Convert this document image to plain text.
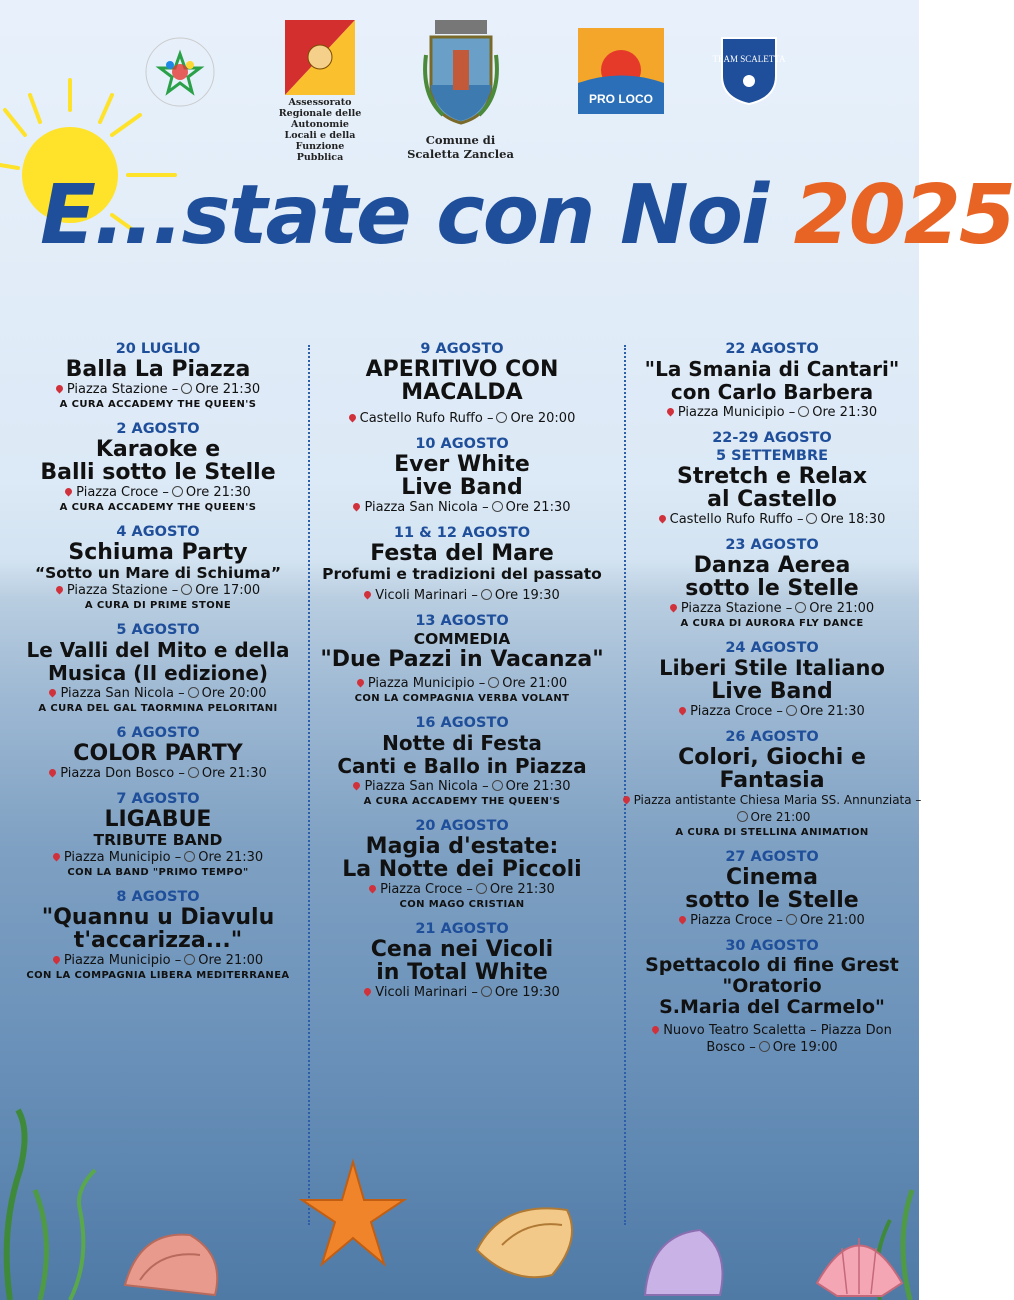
Assessorato Regionale delle Autonomie Locali e della Funzione Pubblica
Comune di
Scaletta Zanclea
PRO LOCO
TEAM SCALETTA
E...state con Noi 2025
20 LUGLIO
Balla La Piazza
Piazza Stazione – Ore 21:30
A CURA ACCADEMY THE QUEEN'S
2 AGOSTO
Karaoke e
Balli sotto le Stelle
Piazza Croce – Ore 21:30
A CURA ACCADEMY THE QUEEN'S
4 AGOSTO
Schiuma Party
“Sotto un Mare di Schiuma”
Piazza Stazione – Ore 17:00
A CURA DI PRIME STONE
5 AGOSTO
Le Valli del Mito e della
Musica (II edizione)
Piazza San Nicola – Ore 20:00
A CURA DEL GAL TAORMINA PELORITANI
6 AGOSTO
COLOR PARTY
Piazza Don Bosco – Ore 21:30
7 AGOSTO
LIGABUE
TRIBUTE BAND
Piazza Municipio – Ore 21:30
CON LA BAND "PRIMO TEMPO"
8 AGOSTO
"Quannu u Diavulu
t'accarizza..."
Piazza Municipio – Ore 21:00
CON LA COMPAGNIA LIBERA MEDITERRANEA
9 AGOSTO
APERITIVO CON
MACALDA
Castello Rufo Ruffo – Ore 20:00
10 AGOSTO
Ever White
Live Band
Piazza San Nicola – Ore 21:30
11 & 12 AGOSTO
Festa del Mare
Profumi e tradizioni del passato
Vicoli Marinari – Ore 19:30
13 AGOSTO
COMMEDIA
"Due Pazzi in Vacanza"
Piazza Municipio – Ore 21:00
CON LA COMPAGNIA VERBA VOLANT
16 AGOSTO
Notte di Festa
Canti e Ballo in Piazza
Piazza San Nicola – Ore 21:30
A CURA ACCADEMY THE QUEEN'S
20 AGOSTO
Magia d'estate:
La Notte dei Piccoli
Piazza Croce – Ore 21:30
CON MAGO CRISTIAN
21 AGOSTO
Cena nei Vicoli
in Total White
Vicoli Marinari – Ore 19:30
22 AGOSTO
"La Smania di Cantari"
con Carlo Barbera
Piazza Municipio – Ore 21:30
22-29 AGOSTO
5 SETTEMBRE
Stretch e Relax
al Castello
Castello Rufo Ruffo – Ore 18:30
23 AGOSTO
Danza Aerea
sotto le Stelle
Piazza Stazione – Ore 21:00
A CURA DI AURORA FLY DANCE
24 AGOSTO
Liberi Stile Italiano
Live Band
Piazza Croce – Ore 21:30
26 AGOSTO
Colori, Giochi e
Fantasia
Piazza antistante Chiesa Maria SS. Annunziata –Ore 21:00
A CURA DI STELLINA ANIMATION
27 AGOSTO
Cinema
sotto le Stelle
Piazza Croce – Ore 21:00
30 AGOSTO
Spettacolo di fine Grest
"Oratorio
S.Maria del Carmelo"
Nuovo Teatro Scaletta – Piazza Don Bosco – Ore 19:00
